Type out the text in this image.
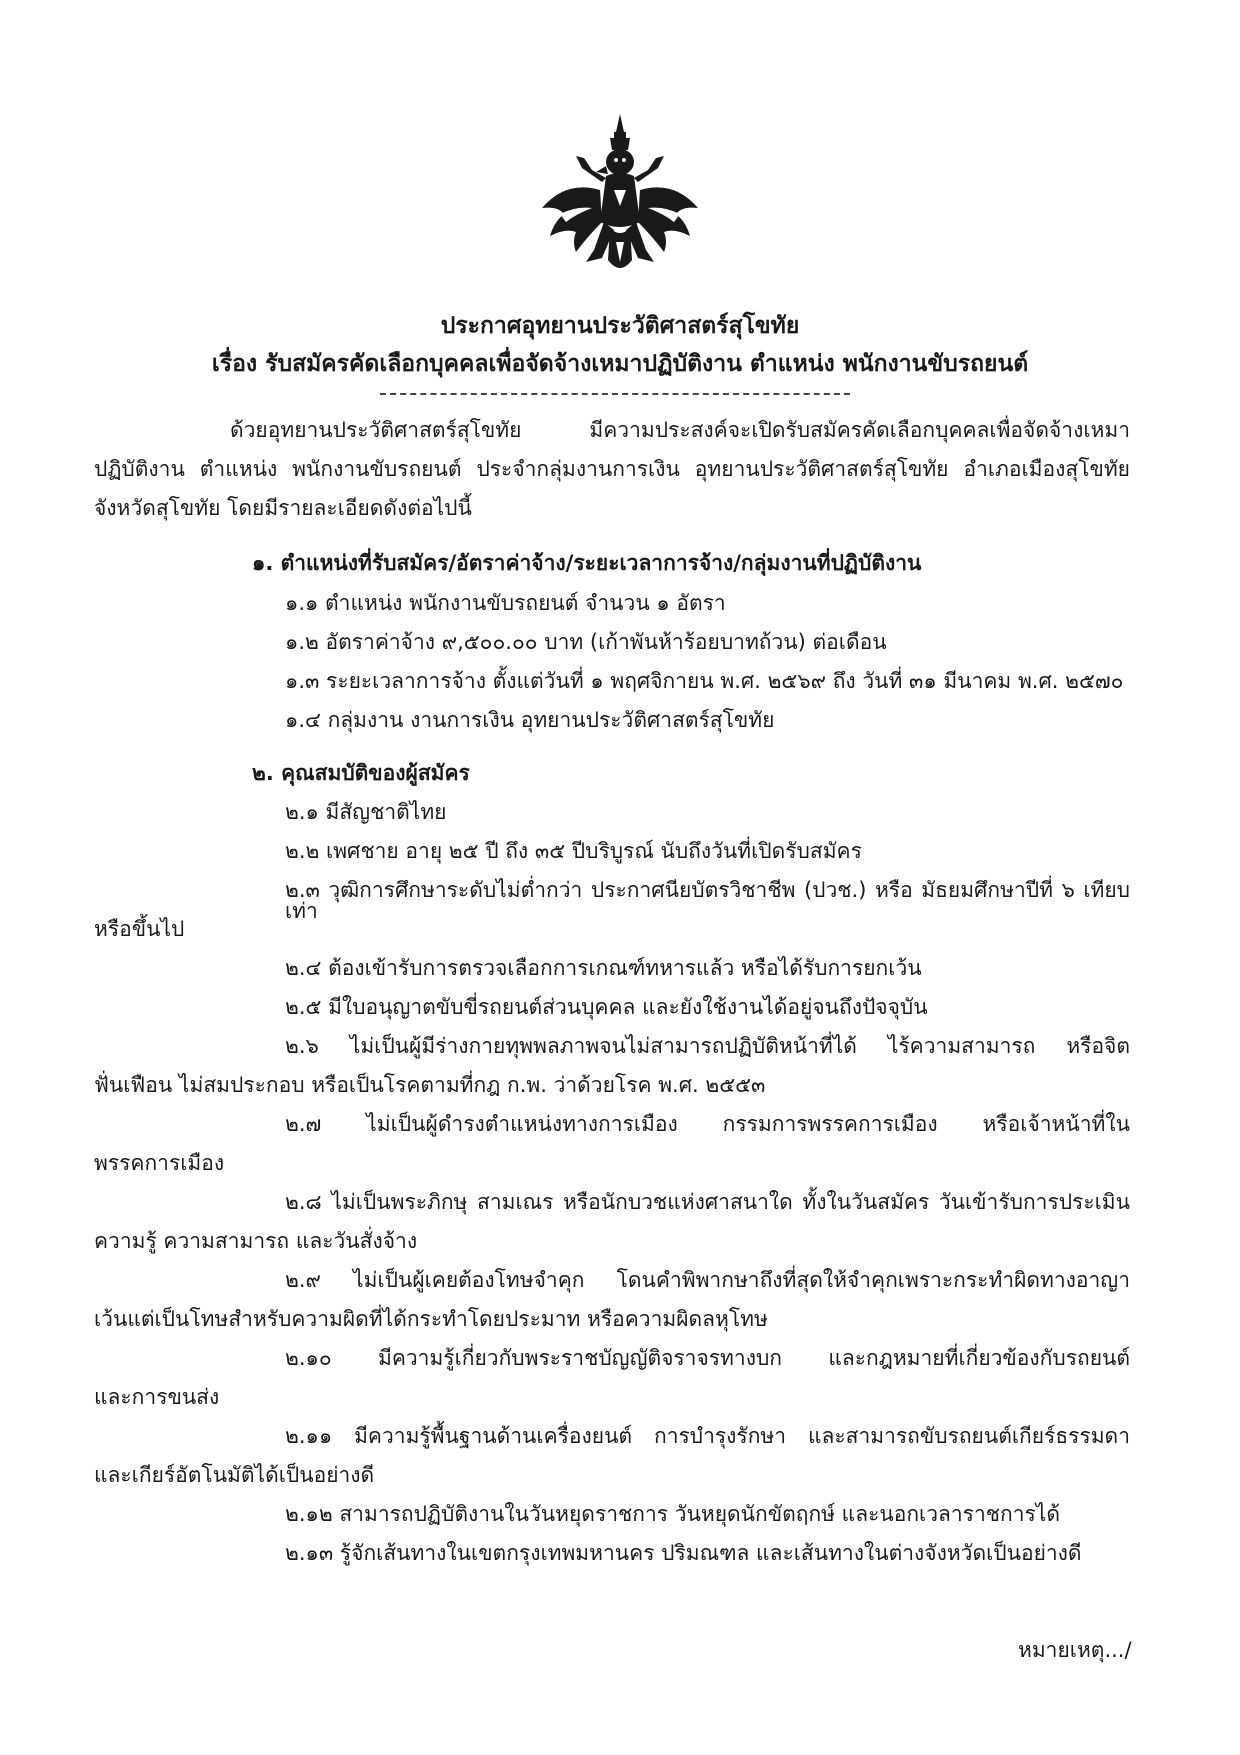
ประกาศอุทยานประวัติศาสตร์สุโขทัย
เรื่อง รับสมัครคัดเลือกบุคคลเพื่อจัดจ้างเหมาปฏิบัติงาน ตำแหน่ง พนักงานขับรถยนต์
ด้วยอุทยานประวัติศาสตร์สุโขทัย มีความประสงค์จะเปิดรับสมัครคัดเลือกบุคคลเพื่อจัดจ้างเหมา
ปฏิบัติงาน ตำแหน่ง พนักงานขับรถยนต์ ประจำกลุ่มงานการเงิน อุทยานประวัติศาสตร์สุโขทัย อำเภอเมืองสุโขทัย
จังหวัดสุโขทัย โดยมีรายละเอียดดังต่อไปนี้
๑. ตำแหน่งที่รับสมัคร/อัตราค่าจ้าง/ระยะเวลาการจ้าง/กลุ่มงานที่ปฏิบัติงาน
๑.๑ ตำแหน่ง พนักงานขับรถยนต์ จำนวน ๑ อัตรา
๑.๒ อัตราค่าจ้าง ๙,๕๐๐.๐๐ บาท (เก้าพันห้าร้อยบาทถ้วน) ต่อเดือน
๑.๓ ระยะเวลาการจ้าง ตั้งแต่วันที่ ๑ พฤศจิกายน พ.ศ. ๒๕๖๙ ถึง วันที่ ๓๑ มีนาคม พ.ศ. ๒๕๗๐
๑.๔ กลุ่มงาน งานการเงิน อุทยานประวัติศาสตร์สุโขทัย
๒. คุณสมบัติของผู้สมัคร
๒.๑ มีสัญชาติไทย
๒.๒ เพศชาย อายุ ๒๕ ปี ถึง ๓๕ ปีบริบูรณ์ นับถึงวันที่เปิดรับสมัคร
๒.๓ วุฒิการศึกษาระดับไม่ต่ำกว่า ประกาศนียบัตรวิชาชีพ (ปวช.) หรือ มัธยมศึกษาปีที่ ๖ เทียบเท่า
หรือขึ้นไป
๒.๔ ต้องเข้ารับการตรวจเลือกการเกณฑ์ทหารแล้ว หรือได้รับการยกเว้น
๒.๕ มีใบอนุญาตขับขี่รถยนต์ส่วนบุคคล และยังใช้งานได้อยู่จนถึงปัจจุบัน
๒.๖ ไม่เป็นผู้มีร่างกายทุพพลภาพจนไม่สามารถปฏิบัติหน้าที่ได้ ไร้ความสามารถ หรือจิต
ฟั่นเฟือน ไม่สมประกอบ หรือเป็นโรคตามที่กฎ ก.พ. ว่าด้วยโรค พ.ศ. ๒๕๕๓
๒.๗ ไม่เป็นผู้ดำรงตำแหน่งทางการเมือง กรรมการพรรคการเมือง หรือเจ้าหน้าที่ใน
พรรคการเมือง
๒.๘ ไม่เป็นพระภิกษุ สามเณร หรือนักบวชแห่งศาสนาใด ทั้งในวันสมัคร วันเข้ารับการประเมิน
ความรู้ ความสามารถ และวันสั่งจ้าง
๒.๙ ไม่เป็นผู้เคยต้องโทษจำคุก โดนคำพิพากษาถึงที่สุดให้จำคุกเพราะกระทำผิดทางอาญา
เว้นแต่เป็นโทษสำหรับความผิดที่ได้กระทำโดยประมาท หรือความผิดลหุโทษ
๒.๑๐ มีความรู้เกี่ยวกับพระราชบัญญัติจราจรทางบก และกฎหมายที่เกี่ยวข้องกับรถยนต์
และการขนส่ง
๒.๑๑ มีความรู้พื้นฐานด้านเครื่องยนต์ การบำรุงรักษา และสามารถขับรถยนต์เกียร์ธรรมดา
และเกียร์อัตโนมัติได้เป็นอย่างดี
๒.๑๒ สามารถปฏิบัติงานในวันหยุดราชการ วันหยุดนักขัตฤกษ์ และนอกเวลาราชการได้
๒.๑๓ รู้จักเส้นทางในเขตกรุงเทพมหานคร ปริมณฑล และเส้นทางในต่างจังหวัดเป็นอย่างดี
หมายเหตุ.../
